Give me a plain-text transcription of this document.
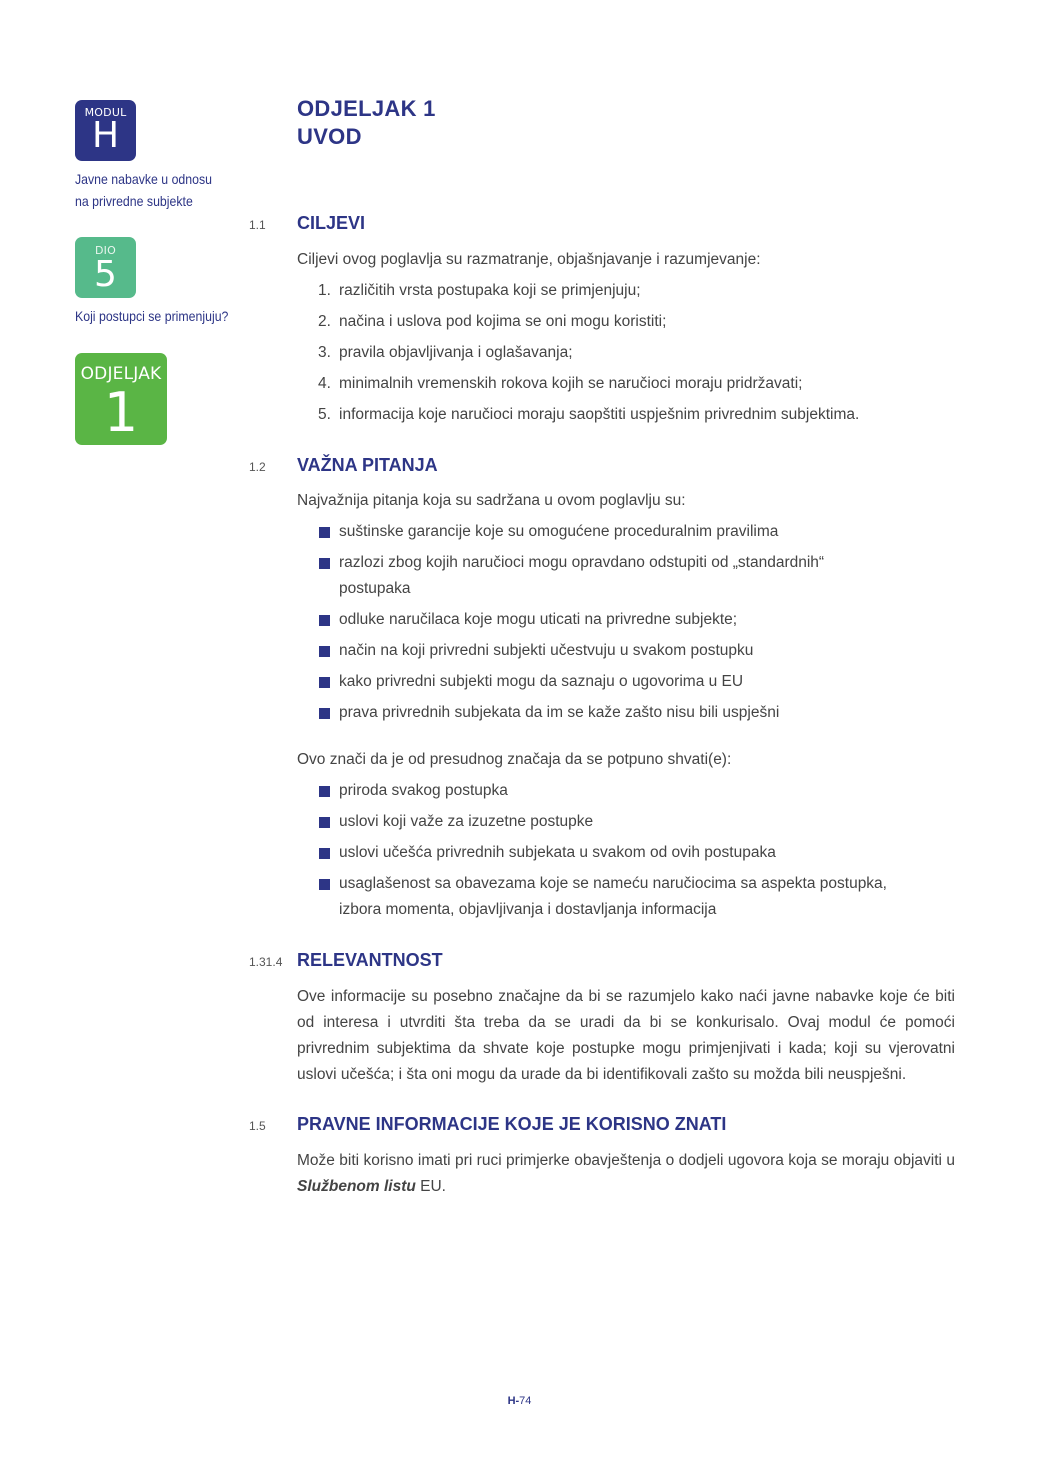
MODUL
H
Javne nabavke u odnosu
na privredne subjekte
DIO
5
Koji postupci se primenjuju?
ODJELJAK
1
ODJELJAK 1
UVOD
1.1 CILJEVI

Ciljevi ovog poglavlja su razmatranje, objašnjavanje i razumjevanje:

1. različitih vrsta postupaka koji se primjenjuju;
2. načina i uslova pod kojima se oni mogu koristiti;
3. pravila objavljivanja i oglašavanja;
4. minimalnih vremenskih rokova kojih se naručioci moraju pridržavati;
5. informacija koje naručioci moraju saopštiti uspješnim privrednim subjektima.
1.2 VAŽNA PITANJA

Najvažnija pitanja koja su sadržana u ovom poglavlju su:

suštinske garancije koje su omogućene proceduralnim pravilima
razlozi zbog kojih naručioci mogu opravdano odstupiti od „standardnih“ postupaka
odluke naručilaca koje mogu uticati na privredne subjekte;
način na koji privredni subjekti učestvuju u svakom postupku
kako privredni subjekti mogu da saznaju o ugovorima u EU
prava privrednih subjekata da im se kaže zašto nisu bili uspješni

Ovo znači da je od presudnog značaja da se potpuno shvati(e):

priroda svakog postupka
uslovi koji važe za izuzetne postupke
uslovi učešća privrednih subjekata u svakom od ovih postupaka
usaglašenost sa obavezama koje se nameću naručiocima sa aspekta postupka, izbora momenta, objavljivanja i dostavljanja informacija
1.31.4 RELEVANTNOST

Ove informacije su posebno značajne da bi se razumjelo kako naći javne nabavke koje će biti od interesa i utvrditi šta treba da se uradi da bi se konkurisalo. Ovaj modul će pomoći privrednim subjektima da shvate koje postupke mogu primjenjivati i kada; koji su vjerovatni uslovi učešća; i šta oni mogu da urade da bi identifikovali zašto su možda bili neuspješni.

1.5 PRAVNE INFORMACIJE KOJE JE KORISNO ZNATI

Može biti korisno imati pri ruci primjerke obavještenja o dodjeli ugovora koja se moraju objaviti u Službenom listu EU.

H-74
